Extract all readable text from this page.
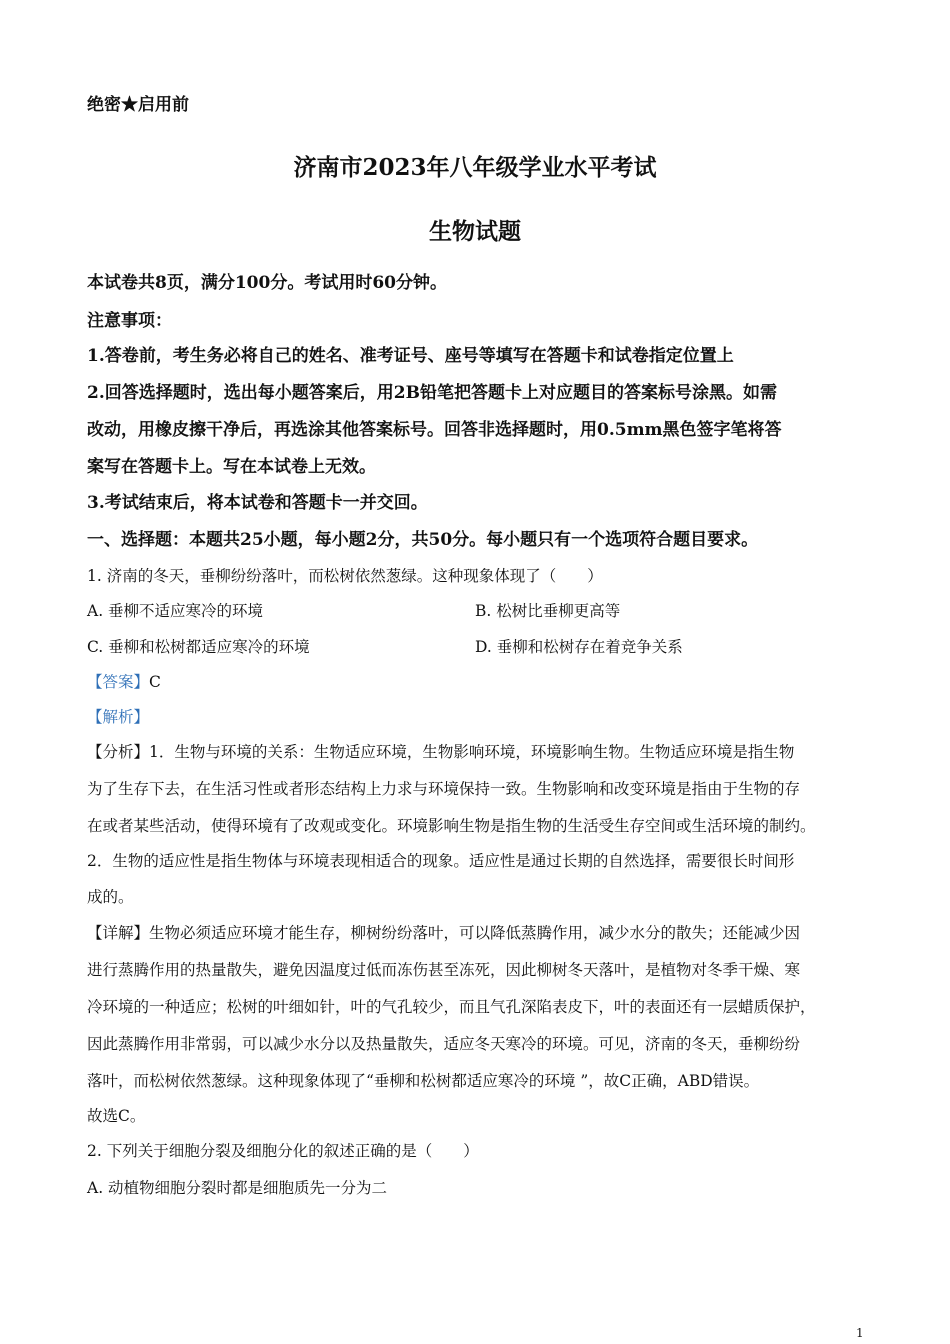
绝密★启用前
济南市2023年八年级学业水平考试
生物试题
本试卷共8页，满分100分。考试用时60分钟。
注意事项：
1.答卷前，考生务必将自己的姓名、准考证号、座号等填写在答题卡和试卷指定位置上
2.回答选择题时，选出每小题答案后，用2B铅笔把答题卡上对应题目的答案标号涂黑。如需
改动，用橡皮擦干净后，再选涂其他答案标号。回答非选择题时，用0.5mm黑色签字笔将答
案写在答题卡上。写在本试卷上无效。
3.考试结束后，将本试卷和答题卡一并交回。
一、选择题：本题共25小题，每小题2分，共50分。每小题只有一个选项符合题目要求。
1. 济南的冬天，垂柳纷纷落叶，而松树依然葱绿。这种现象体现了（　　）
A. 垂柳不适应寒冷的环境	B. 松树比垂柳更高等
C. 垂柳和松树都适应寒冷的环境	D. 垂柳和松树存在着竞争关系
【答案】C
【解析】
【分析】1．生物与环境的关系：生物适应环境，生物影响环境，环境影响生物。生物适应环境是指生物
为了生存下去，在生活习性或者形态结构上力求与环境保持一致。生物影响和改变环境是指由于生物的存
在或者某些活动，使得环境有了改观或变化。环境影响生物是指生物的生活受生存空间或生活环境的制约。
2．生物的适应性是指生物体与环境表现相适合的现象。适应性是通过长期的自然选择，需要很长时间形
成的。
【详解】生物必须适应环境才能生存，柳树纷纷落叶，可以降低蒸腾作用，减少水分的散失；还能减少因
进行蒸腾作用的热量散失，避免因温度过低而冻伤甚至冻死，因此柳树冬天落叶，是植物对冬季干燥、寒
冷环境的一种适应；松树的叶细如针，叶的气孔较少，而且气孔深陷表皮下，叶的表面还有一层蜡质保护，
因此蒸腾作用非常弱，可以减少水分以及热量散失，适应冬天寒冷的环境。可见，济南的冬天，垂柳纷纷
落叶，而松树依然葱绿。这种现象体现了“垂柳和松树都适应寒冷的环境 ”，故C正确，ABD错误。
故选C。
2. 下列关于细胞分裂及细胞分化的叙述正确的是（　　）
A. 动植物细胞分裂时都是细胞质先一分为二
1
